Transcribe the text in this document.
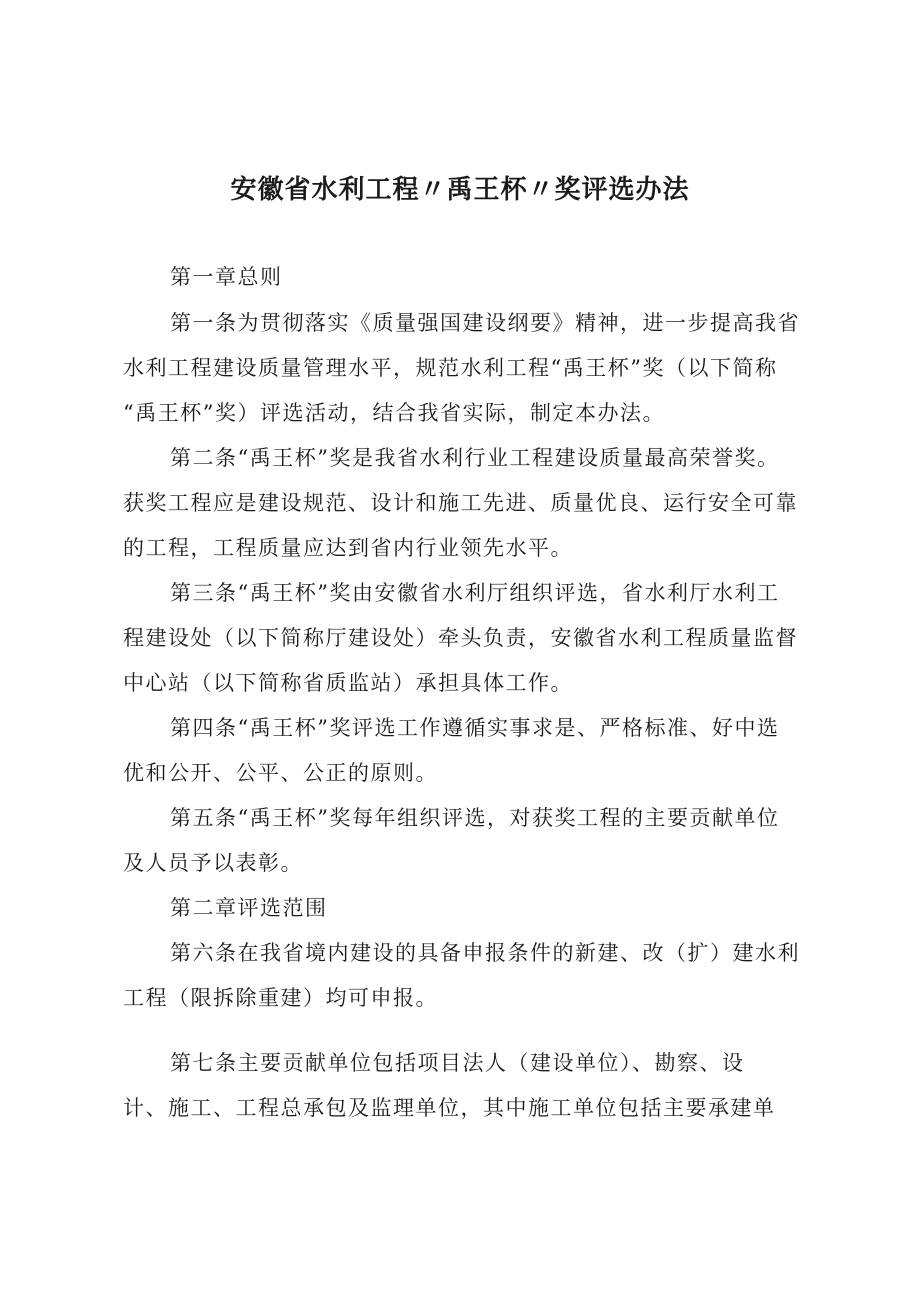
安徽省水利工程〃禹王杯〃奖评选办法
第一章总则
第一条为贯彻落实《质量强国建设纲要》精神，进一步提高我省
水利工程建设质量管理水平，规范水利工程“禹王杯”奖（以下简称
“禹王杯”奖）评选活动，结合我省实际，制定本办法。
第二条“禹王杯”奖是我省水利行业工程建设质量最高荣誉奖。
获奖工程应是建设规范、设计和施工先进、质量优良、运行安全可靠
的工程，工程质量应达到省内行业领先水平。
第三条“禹王杯”奖由安徽省水利厅组织评选，省水利厅水利工
程建设处（以下简称厅建设处）牵头负责，安徽省水利工程质量监督
中心站（以下简称省质监站）承担具体工作。
第四条“禹王杯”奖评选工作遵循实事求是、严格标准、好中选
优和公开、公平、公正的原则。
第五条“禹王杯”奖每年组织评选，对获奖工程的主要贡献单位
及人员予以表彰。
第二章评选范围
第六条在我省境内建设的具备申报条件的新建、改（扩）建水利
工程（限拆除重建）均可申报。
第七条主要贡献单位包括项目法人（建设单位）、勘察、设
计、施工、工程总承包及监理单位，其中施工单位包括主要承建单
